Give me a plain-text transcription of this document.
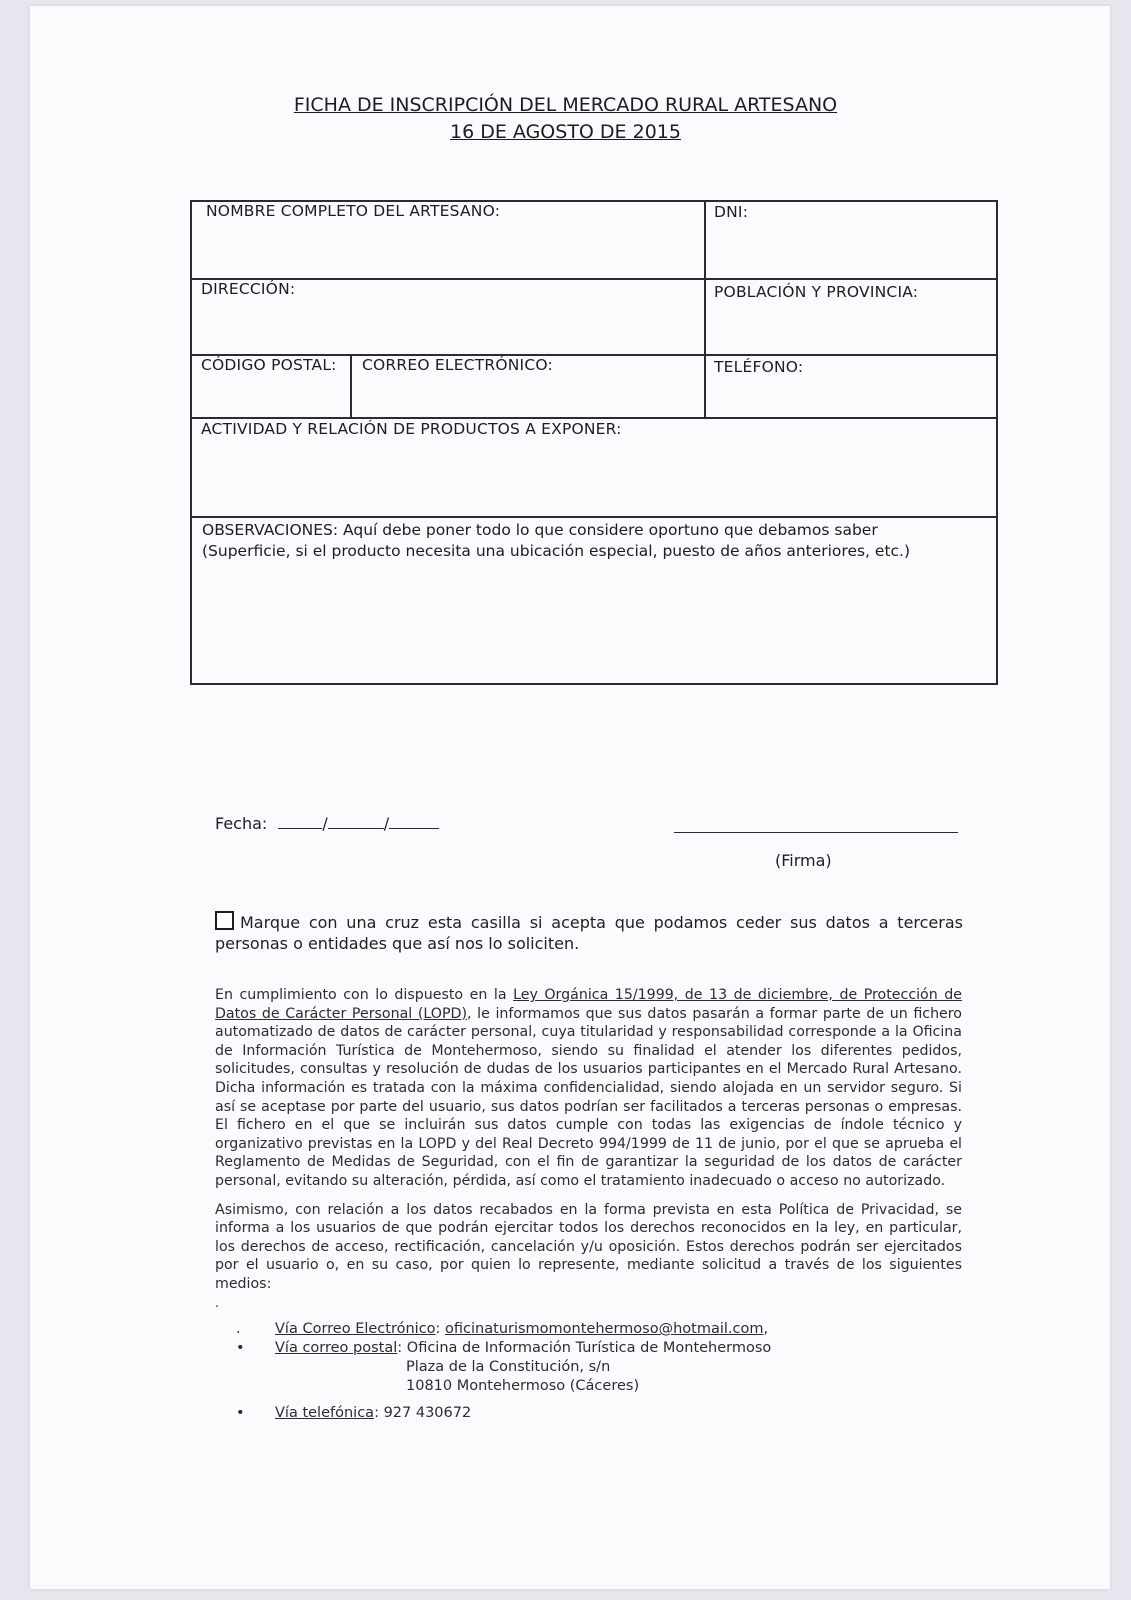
FICHA DE INSCRIPCIÓN DEL MERCADO RURAL ARTESANO
16 DE AGOSTO DE 2015
NOMBRE COMPLETO DEL ARTESANO:	DNI:
DIRECCIÓN:	POBLACIÓN Y PROVINCIA:
CÓDIGO POSTAL: CORREO ELECTRÓNICO:	TELÉFONO:
ACTIVIDAD Y RELACIÓN DE PRODUCTOS A EXPONER:
OBSERVACIONES: Aquí debe poner todo lo que considere oportuno que debamos saber
(Superficie, si el producto necesita una ubicación especial, puesto de años anteriores, etc.)
Fecha:	/	/
(Firma)
Marque con una cruz esta casilla si acepta que podamos ceder sus datos a terceras personas o entidades que así nos lo soliciten.

En cumplimiento con lo dispuesto en la Ley Orgánica 15/1999, de 13 de diciembre, de Protección de Datos de Carácter Personal (LOPD), le informamos que sus datos pasarán a formar parte de un fichero automatizado de datos de carácter personal, cuya titularidad y responsabilidad corresponde a la Oficina de Información Turística de Montehermoso, siendo su finalidad el atender los diferentes pedidos, solicitudes, consultas y resolución de dudas de los usuarios participantes en el Mercado Rural Artesano. Dicha información es tratada con la máxima confidencialidad, siendo alojada en un servidor seguro. Si así se aceptase por parte del usuario, sus datos podrían ser facilitados a terceras personas o empresas. El fichero en el que se incluirán sus datos cumple con todas las exigencias de índole técnico y organizativo previstas en la LOPD y del Real Decreto 994/1999 de 11 de junio, por el que se aprueba el Reglamento de Medidas de Seguridad, con el fin de garantizar la seguridad de los datos de carácter personal, evitando su alteración, pérdida, así como el tratamiento inadecuado o acceso no autorizado.

Asimismo, con relación a los datos recabados en la forma prevista en esta Política de Privacidad, se informa a los usuarios de que podrán ejercitar todos los derechos reconocidos en la ley, en particular, los derechos de acceso, rectificación, cancelación y/u oposición. Estos derechos podrán ser ejercitados por el usuario o, en su caso, por quien lo represente, mediante solicitud a través de los siguientes medios:

.
. Vía Correo Electrónico: oficinaturismomontehermoso@hotmail.com,
• Vía correo postal: Oficina de Información Turística de Montehermoso
Plaza de la Constitución, s/n
10810 Montehermoso (Cáceres)
• Vía telefónica: 927 430672
